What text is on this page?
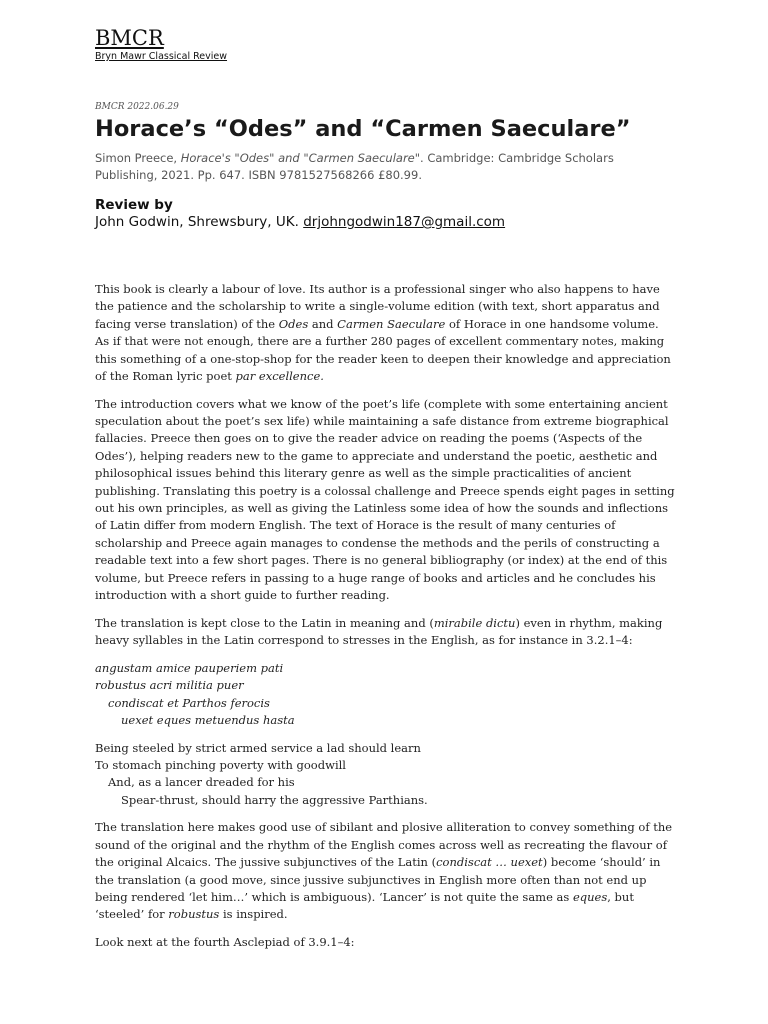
BMCR
Bryn Mawr Classical Review
BMCR 2022.06.29
Horace’s “Odes” and “Carmen Saeculare”

Simon Preece, Horace's "Odes" and "Carmen Saeculare". Cambridge: Cambridge Scholars Publishing, 2021. Pp. 647. ISBN 9781527568266 £80.99.

Review by
John Godwin, Shrewsbury, UK. drjohngodwin187@gmail.com

This book is clearly a labour of love. Its author is a professional singer who also happens to have the patience and the scholarship to write a single-volume edition (with text, short apparatus and facing verse translation) of the Odes and Carmen Saeculare of Horace in one handsome volume. As if that were not enough, there are a further 280 pages of excellent commentary notes, making this something of a one-stop-shop for the reader keen to deepen their knowledge and appreciation of the Roman lyric poet par excellence.

The introduction covers what we know of the poet’s life (complete with some entertaining ancient speculation about the poet’s sex life) while maintaining a safe distance from extreme biographical fallacies. Preece then goes on to give the reader advice on reading the poems (‘Aspects of the Odes’), helping readers new to the game to appreciate and understand the poetic, aesthetic and philosophical issues behind this literary genre as well as the simple practicalities of ancient publishing. Translating this poetry is a colossal challenge and Preece spends eight pages in setting out his own principles, as well as giving the Latinless some idea of how the sounds and inflections of Latin differ from modern English. The text of Horace is the result of many centuries of scholarship and Preece again manages to condense the methods and the perils of constructing a readable text into a few short pages. There is no general bibliography (or index) at the end of this volume, but Preece refers in passing to a huge range of books and articles and he concludes his introduction with a short guide to further reading.

The translation is kept close to the Latin in meaning and (mirabile dictu) even in rhythm, making heavy syllables in the Latin correspond to stresses in the English, as for instance in 3.2.1–4:

angustam amice pauperiem pati
robustus acri militia puer
condiscat et Parthos ferocis
uexet eques metuendus hasta
Being steeled by strict armed service a lad should learn
To stomach pinching poverty with goodwill
And, as a lancer dreaded for his
Spear-thrust, should harry the aggressive Parthians.

The translation here makes good use of sibilant and plosive alliteration to convey something of the sound of the original and the rhythm of the English comes across well as recreating the flavour of the original Alcaics. The jussive subjunctives of the Latin (condiscat … uexet) become ‘should’ in the translation (a good move, since jussive subjunctives in English more often than not end up being rendered ‘let him…’ which is ambiguous). ‘Lancer’ is not quite the same as eques, but ‘steeled’ for robustus is inspired.

Look next at the fourth Asclepiad of 3.9.1–4:
